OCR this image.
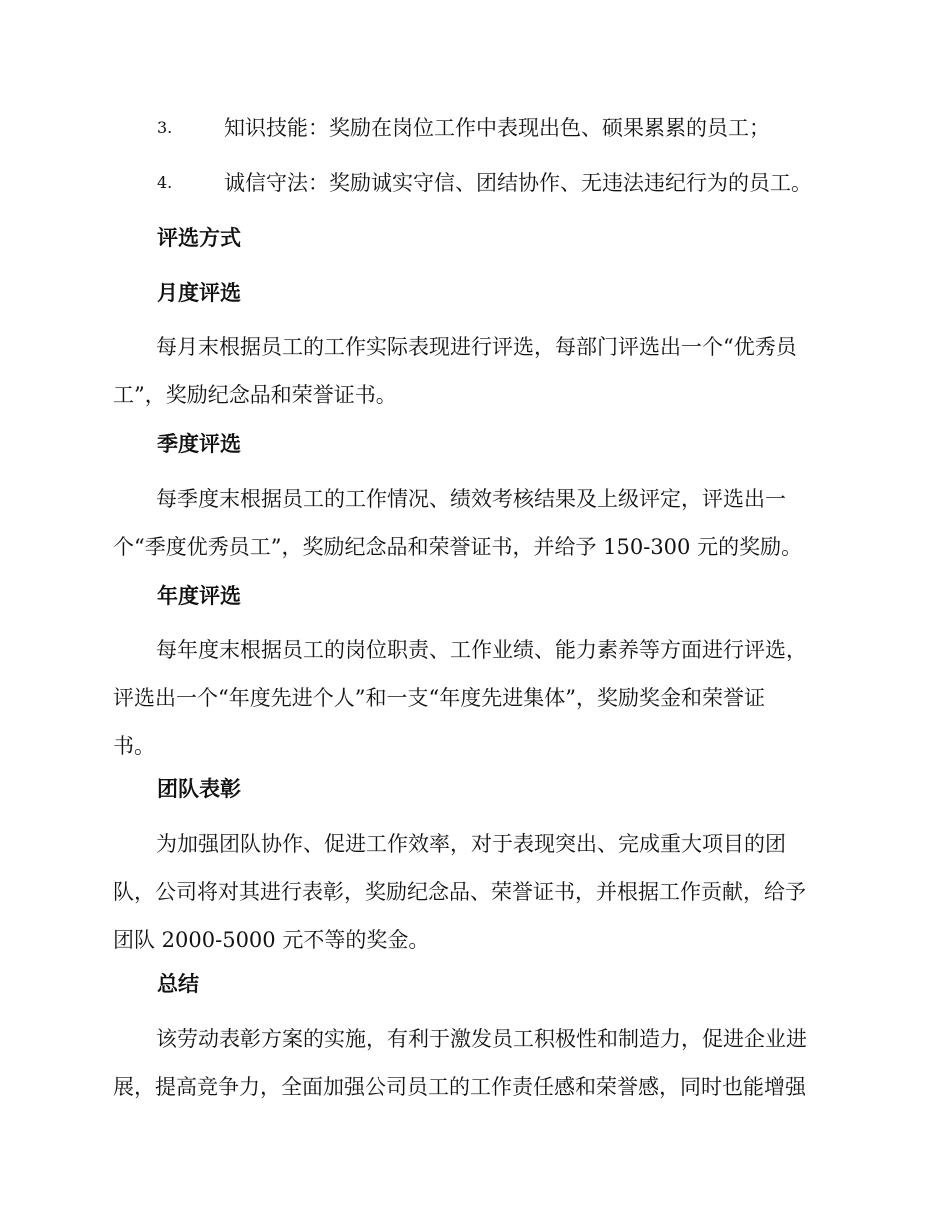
3. 知识技能：奖励在岗位工作中表现出色、硕果累累的员工；
4. 诚信守法：奖励诚实守信、团结协作、无违法违纪行为的员工。
评选方式
月度评选

每月末根据员工的工作实际表现进行评选，每部门评选出一个“优秀员
工”，奖励纪念品和荣誉证书。

季度评选

每季度末根据员工的工作情况、绩效考核结果及上级评定，评选出一
个“季度优秀员工”，奖励纪念品和荣誉证书，并给予 150-300 元的奖励。

年度评选

每年度末根据员工的岗位职责、工作业绩、能力素养等方面进行评选，
评选出一个“年度先进个人”和一支“年度先进集体”，奖励奖金和荣誉证
书。

团队表彰

为加强团队协作、促进工作效率，对于表现突出、完成重大项目的团
队，公司将对其进行表彰，奖励纪念品、荣誉证书，并根据工作贡献，给予
团队 2000-5000 元不等的奖金。

总结

该劳动表彰方案的实施，有利于激发员工积极性和制造力，促进企业进
展，提高竞争力，全面加强公司员工的工作责任感和荣誉感，同时也能增强
